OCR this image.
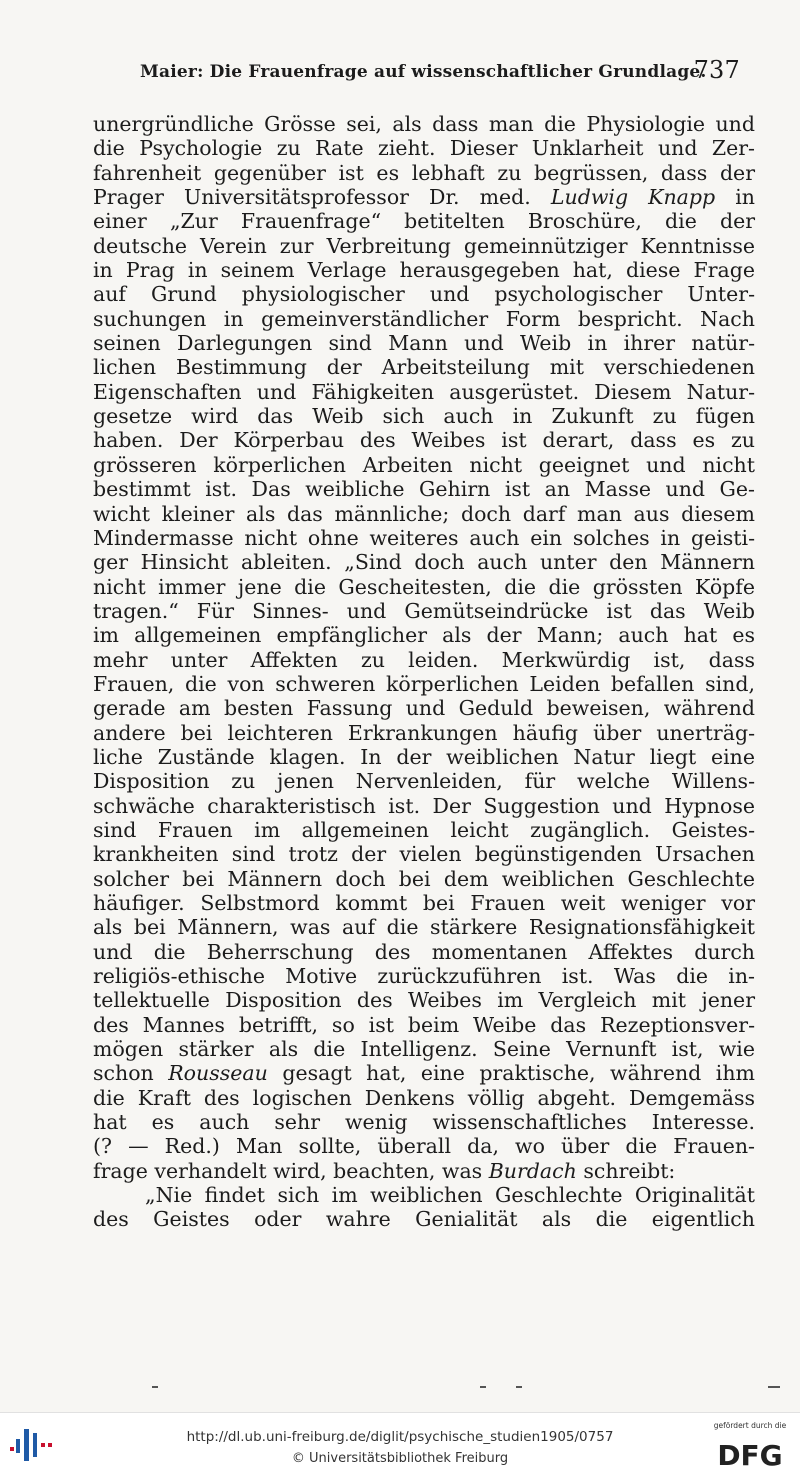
Maier: Die Frauenfrage auf wissenschaftlicher Grundlage.
737
unergründliche Grösse sei, als dass man die Physiologie und
die Psychologie zu Rate zieht. Dieser Unklarheit und Zer-
fahrenheit gegenüber ist es lebhaft zu begrüssen, dass der
Prager Universitätsprofessor Dr. med. Ludwig Knapp in
einer „Zur Frauenfrage“ betitelten Broschüre, die der
deutsche Verein zur Verbreitung gemeinnütziger Kenntnisse
in Prag in seinem Verlage herausgegeben hat, diese Frage
auf Grund physiologischer und psychologischer Unter-
suchungen in gemeinverständlicher Form bespricht. Nach
seinen Darlegungen sind Mann und Weib in ihrer natür-
lichen Bestimmung der Arbeitsteilung mit verschiedenen
Eigenschaften und Fähigkeiten ausgerüstet. Diesem Natur-
gesetze wird das Weib sich auch in Zukunft zu fügen
haben. Der Körperbau des Weibes ist derart, dass es zu
grösseren körperlichen Arbeiten nicht geeignet und nicht
bestimmt ist. Das weibliche Gehirn ist an Masse und Ge-
wicht kleiner als das männliche; doch darf man aus diesem
Mindermasse nicht ohne weiteres auch ein solches in geisti-
ger Hinsicht ableiten. „Sind doch auch unter den Männern
nicht immer jene die Gescheitesten, die die grössten Köpfe
tragen.“ Für Sinnes- und Gemütseindrücke ist das Weib
im allgemeinen empfänglicher als der Mann; auch hat es
mehr unter Affekten zu leiden. Merkwürdig ist, dass
Frauen, die von schweren körperlichen Leiden befallen sind,
gerade am besten Fassung und Geduld beweisen, während
andere bei leichteren Erkrankungen häufig über unerträg-
liche Zustände klagen. In der weiblichen Natur liegt eine
Disposition zu jenen Nervenleiden, für welche Willens-
schwäche charakteristisch ist. Der Suggestion und Hypnose
sind Frauen im allgemeinen leicht zugänglich. Geistes-
krankheiten sind trotz der vielen begünstigenden Ursachen
solcher bei Männern doch bei dem weiblichen Geschlechte
häufiger. Selbstmord kommt bei Frauen weit weniger vor
als bei Männern, was auf die stärkere Resignationsfähigkeit
und die Beherrschung des momentanen Affektes durch
religiös-ethische Motive zurückzuführen ist. Was die in-
tellektuelle Disposition des Weibes im Vergleich mit jener
des Mannes betrifft, so ist beim Weibe das Rezeptionsver-
mögen stärker als die Intelligenz. Seine Vernunft ist, wie
schon Rousseau gesagt hat, eine praktische, während ihm
die Kraft des logischen Denkens völlig abgeht. Demgemäss
hat es auch sehr wenig wissenschaftliches Interesse.
(? — Red.) Man sollte, überall da, wo über die Frauen-
frage verhandelt wird, beachten, was Burdach schreibt:
„Nie findet sich im weiblichen Geschlechte Originalität
des Geistes oder wahre Genialität als die eigentlich
http://dl.ub.uni-freiburg.de/diglit/psychische_studien1905/0757
© Universitätsbibliothek Freiburg
gefördert durch die
DFG
